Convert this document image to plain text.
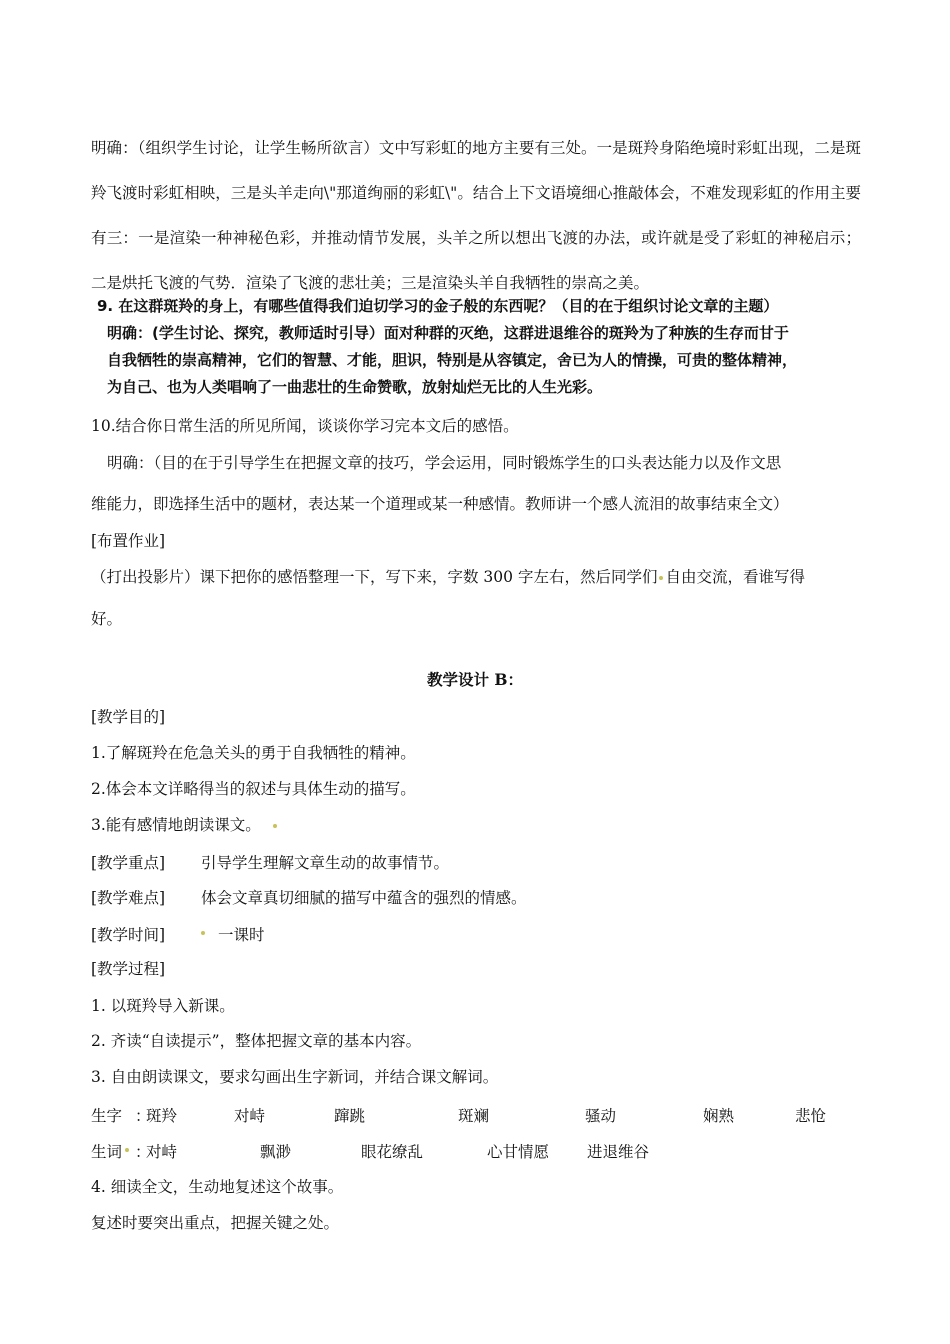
明确：（组织学生讨论，让学生畅所欲言）文中写彩虹的地方主要有三处。一是斑羚身陷绝境时彩虹出现，二是斑羚飞渡时彩虹相映，三是头羊走向\"那道绚丽的彩虹\"。结合上下文语境细心推敲体会，不难发现彩虹的作用主要有三：一是渲染一种神秘色彩，并推动情节发展，头羊之所以想出飞渡的办法，或许就是受了彩虹的神秘启示；二是烘托飞渡的气势．渲染了飞渡的悲壮美；三是渲染头羊自我牺牲的崇高之美。
9. 在这群斑羚的身上，有哪些值得我们迫切学习的金子般的东西呢？（目的在于组织讨论文章的主题）
明确：(学生讨论、探究，教师适时引导）面对种群的灭绝，这群进退维谷的斑羚为了种族的生存而甘于
自我牺牲的崇高精神，它们的智慧、才能，胆识，特别是从容镇定，舍已为人的情操，可贵的整体精神，
为自己、也为人类唱响了一曲悲壮的生命赞歌，放射灿烂无比的人生光彩。
10.结合你日常生活的所见所闻，谈谈你学习完本文后的感悟。
明确：（目的在于引导学生在把握文章的技巧，学会运用，同时锻炼学生的口头表达能力以及作文思
维能力，即选择生活中的题材，表达某一个道理或某一种感情。教师讲一个感人流泪的故事结束全文）
[布置作业]
（打出投影片）课下把你的感悟整理一下，写下来，字数 300 字左右，然后同学们 自由交流，看谁写得
好。
教学设计 B：
[教学目的]
1.了解斑羚在危急关头的勇于自我牺牲的精神。
2.体会本文详略得当的叙述与具体生动的描写。
3.能有感情地朗读课文。
[教学重点] 引导学生理解文章生动的故事情节。
[教学难点] 体会文章真切细腻的描写中蕴含的强烈的情感。
[教学时间]	一课时
[教学过程]
1. 以斑羚导入新课。
2. 齐读“自读提示”，整体把握文章的基本内容。
3. 自由朗读课文，要求勾画出生字新词，并结合课文解词。
生字 ：
斑羚	对峙	蹿跳	斑斓	骚动	娴熟	悲怆
生词 ：
对峙	飘渺	眼花缭乱	心甘情愿 进退维谷
4. 细读全文，生动地复述这个故事。
复述时要突出重点，把握关键之处。
